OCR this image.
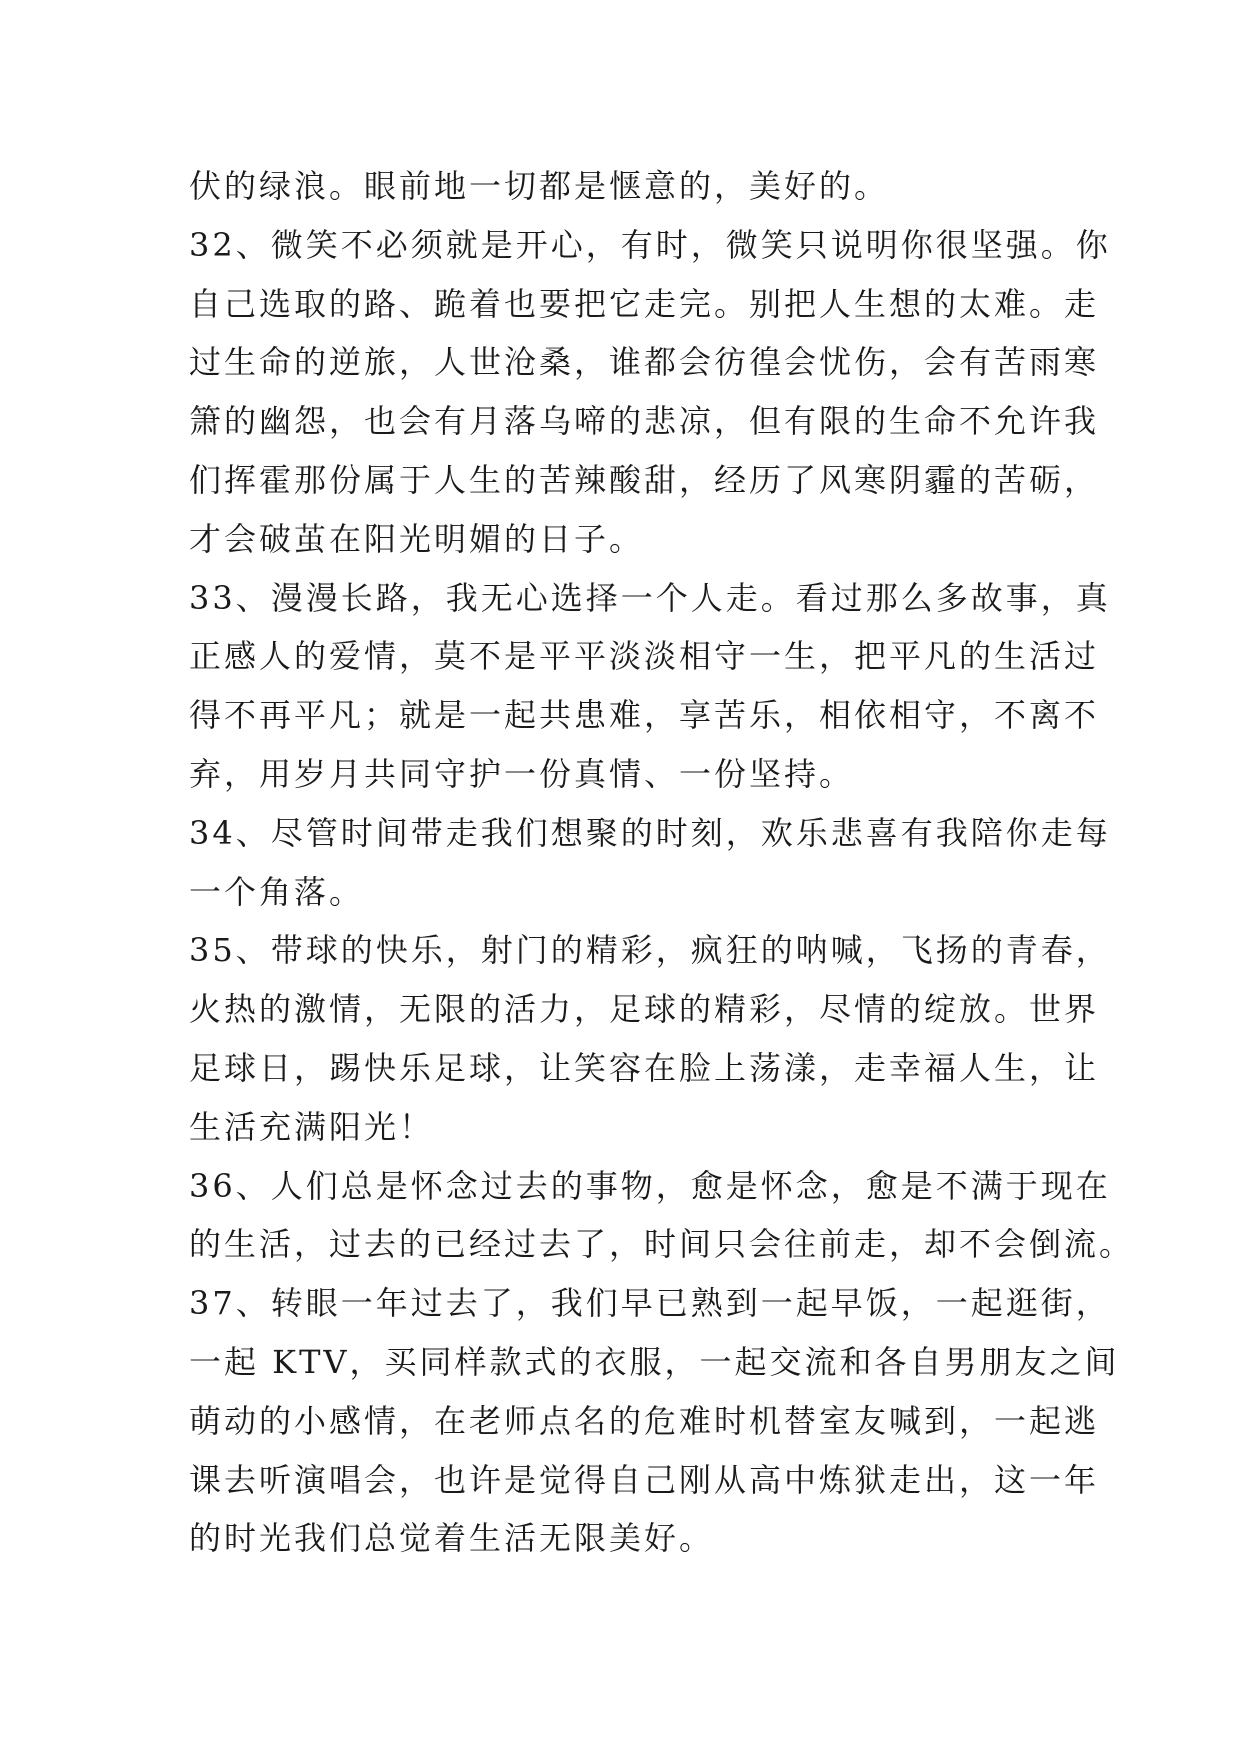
伏的绿浪。眼前地一切都是惬意的，美好的。
32、微笑不必须就是开心，有时，微笑只说明你很坚强。你
自己选取的路、跪着也要把它走完。别把人生想的太难。走
过生命的逆旅，人世沧桑，谁都会彷徨会忧伤，会有苦雨寒
箫的幽怨，也会有月落乌啼的悲凉，但有限的生命不允许我
们挥霍那份属于人生的苦辣酸甜，经历了风寒阴霾的苦砺，
才会破茧在阳光明媚的日子。
33、漫漫长路，我无心选择一个人走。看过那么多故事，真
正感人的爱情，莫不是平平淡淡相守一生，把平凡的生活过
得不再平凡；就是一起共患难，享苦乐，相依相守，不离不
弃，用岁月共同守护一份真情、一份坚持。
34、尽管时间带走我们想聚的时刻，欢乐悲喜有我陪你走每
一个角落。
35、带球的快乐，射门的精彩，疯狂的呐喊，飞扬的青春，
火热的激情，无限的活力，足球的精彩，尽情的绽放。世界
足球日，踢快乐足球，让笑容在脸上荡漾，走幸福人生，让
生活充满阳光！
36、人们总是怀念过去的事物，愈是怀念，愈是不满于现在
的生活，过去的已经过去了，时间只会往前走，却不会倒流。
37、转眼一年过去了，我们早已熟到一起早饭，一起逛街，
一起 KTV，买同样款式的衣服，一起交流和各自男朋友之间
萌动的小感情，在老师点名的危难时机替室友喊到，一起逃
课去听演唱会，也许是觉得自己刚从高中炼狱走出，这一年
的时光我们总觉着生活无限美好。
